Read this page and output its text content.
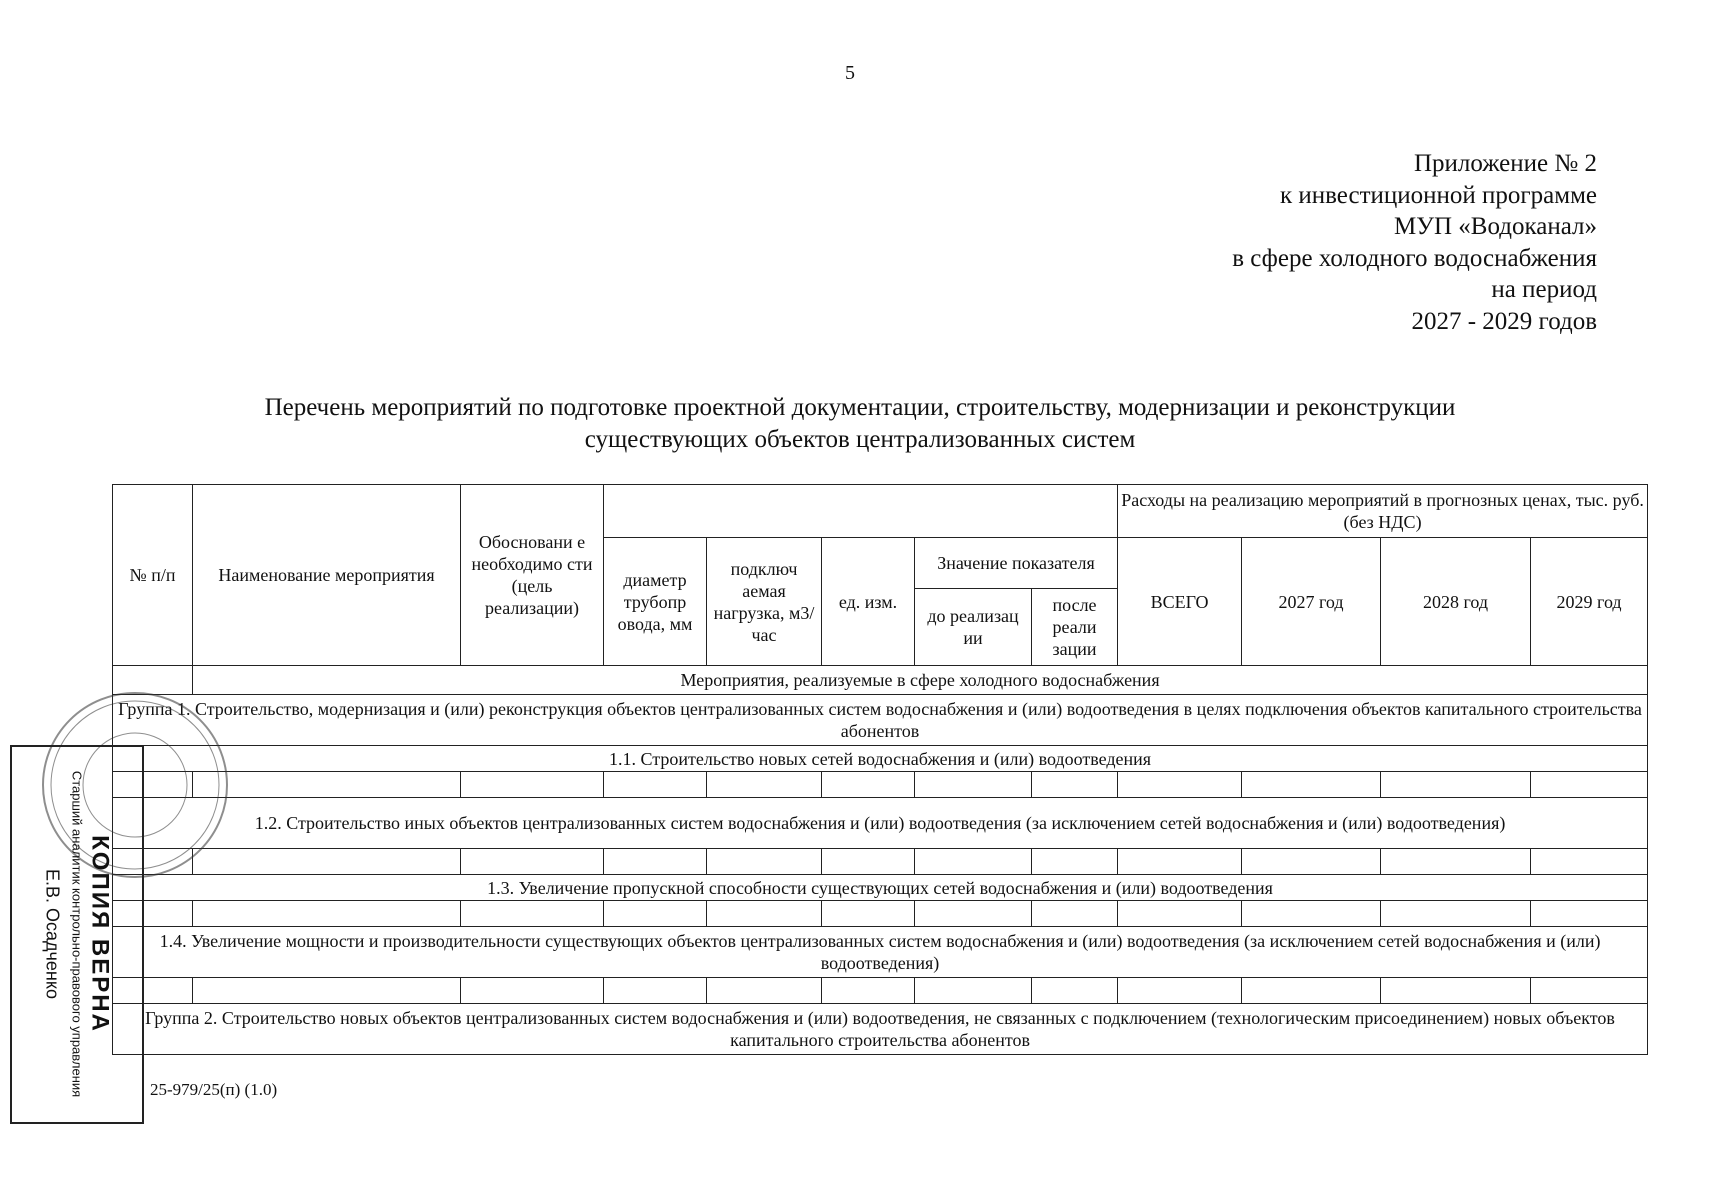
5
Приложение № 2
к инвестиционной программе
МУП «Водоканал»
в сфере холодного водоснабжения
на период
2027 - 2029 годов
Перечень мероприятий по подготовке проектной документации, строительству, модернизации и реконструкции
существующих объектов централизованных систем
№ п/п	Наименование мероприятия	Обосновани е необходимо сти (цель реализации)						Расходы на реализацию мероприятий в прогнозных ценах, тыс. руб. (без НДС)			
			диаметр трубопр овода, мм	подключ аемая нагрузка, м3/час	ед. изм.	Значение показателя		ВСЕГО	2027 год	2028 год	2029 год
						до реализац ии	после реали зации				
	Мероприятия, реализуемые в сфере холодного водоснабжения										
Группа 1. Строительство, модернизация и (или) реконструкция объектов централизованных систем водоснабжения и (или) водоотведения в целях подключения объектов капитального строительства абонентов											
1.1. Строительство новых сетей водоснабжения и (или) водоотведения											

1.2. Строительство иных объектов централизованных систем водоснабжения и (или) водоотведения (за исключением сетей водоснабжения и (или) водоотведения)											

1.3. Увеличение пропускной способности существующих сетей водоснабжения и (или) водоотведения											

1.4. Увеличение мощности и производительности существующих объектов централизованных систем водоснабжения и (или) водоотведения (за исключением сетей водоснабжения и (или) водоотведения)											

Группа 2. Строительство новых объектов централизованных систем водоснабжения и (или) водоотведения, не связанных с подключением (технологическим присоединением) новых объектов капитального строительства абонентов											
25-979/25(п) (1.0)
КОПИЯ ВЕРНА
Старший аналитик контрольно-правового управления
Е.В. Осадченко
